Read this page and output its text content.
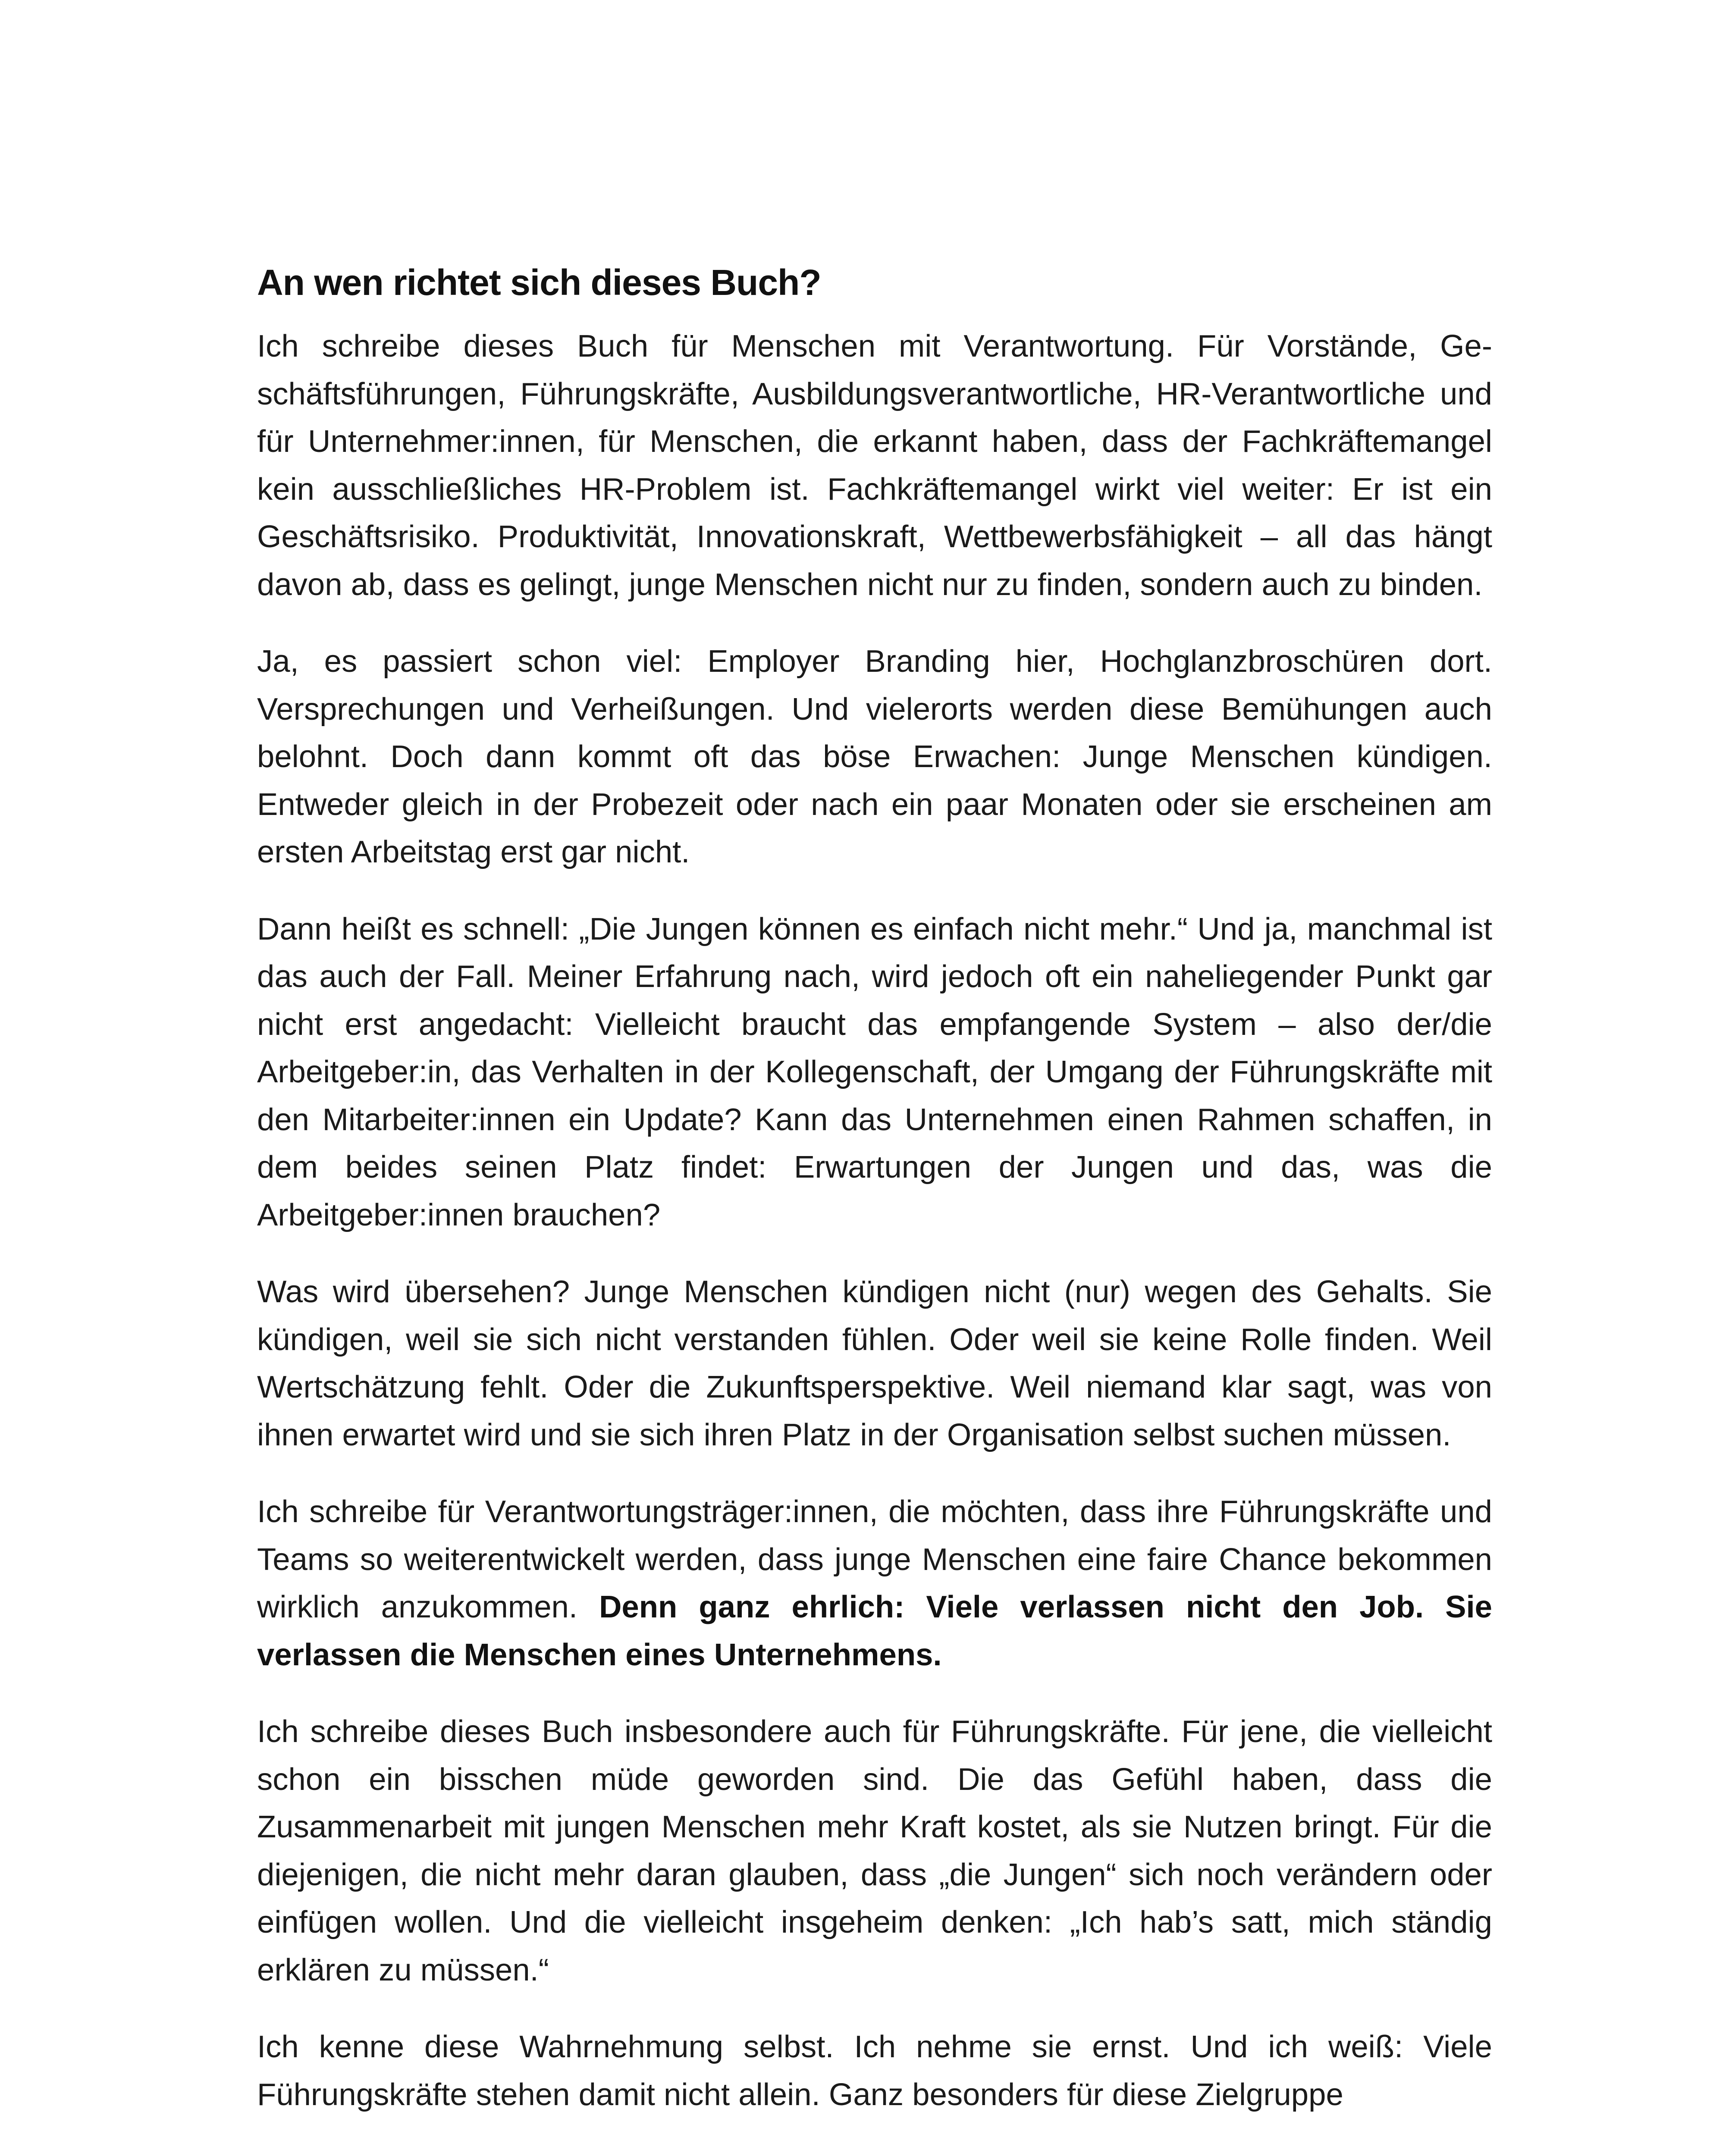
An wen richtet sich dieses Buch?

Ich schreibe dieses Buch für Menschen mit Verantwortung. Für Vorstände, Geschäftsführungen, Führungskräfte, Ausbildungsverantwortliche, HR-Verantwortliche und für Unternehmer:innen, für Menschen, die erkannt haben, dass der Fachkräftemangel kein ausschließliches HR-Problem ist. Fachkräftemangel wirkt viel weiter: Er ist ein Geschäftsrisiko. Produktivität, Innovationskraft, Wettbewerbsfähigkeit – all das hängt davon ab, dass es gelingt, junge Menschen nicht nur zu finden, sondern auch zu binden.

Ja, es passiert schon viel: Employer Branding hier, Hochglanzbroschüren dort. Versprechungen und Verheißungen. Und vielerorts werden diese Bemühungen auch belohnt. Doch dann kommt oft das böse Erwachen: Junge Menschen kündigen. Entweder gleich in der Probezeit oder nach ein paar Monaten oder sie erscheinen am ersten Arbeitstag erst gar nicht.

Dann heißt es schnell: „Die Jungen können es einfach nicht mehr.“ Und ja, manchmal ist das auch der Fall. Meiner Erfahrung nach, wird jedoch oft ein naheliegender Punkt gar nicht erst angedacht: Vielleicht braucht das empfangende System – also der/die Arbeitgeber:in, das Verhalten in der Kollegenschaft, der Umgang der Führungskräfte mit den Mitarbeiter:innen ein Update? Kann das Unternehmen einen Rahmen schaffen, in dem beides seinen Platz findet: Erwartungen der Jungen und das, was die Arbeitgeber:innen brauchen?

Was wird übersehen? Junge Menschen kündigen nicht (nur) wegen des Gehalts. Sie kündigen, weil sie sich nicht verstanden fühlen. Oder weil sie keine Rolle finden. Weil Wertschätzung fehlt. Oder die Zukunftsperspektive. Weil niemand klar sagt, was von ihnen erwartet wird und sie sich ihren Platz in der Organisation selbst suchen müssen.

Ich schreibe für Verantwortungsträger:innen, die möchten, dass ihre Führungskräfte und Teams so weiterentwickelt werden, dass junge Menschen eine faire Chance bekommen wirklich anzukommen. Denn ganz ehrlich: Viele verlassen nicht den Job. Sie verlassen die Menschen eines Unternehmens.

Ich schreibe dieses Buch insbesondere auch für Führungskräfte. Für jene, die vielleicht schon ein bisschen müde geworden sind. Die das Gefühl haben, dass die Zusammenarbeit mit jungen Menschen mehr Kraft kostet, als sie Nutzen bringt. Für die diejenigen, die nicht mehr daran glauben, dass „die Jungen“ sich noch verändern oder einfügen wollen. Und die vielleicht insgeheim denken: „Ich hab’s satt, mich ständig erklären zu müssen.“

Ich kenne diese Wahrnehmung selbst. Ich nehme sie ernst. Und ich weiß: Viele Führungskräfte stehen damit nicht allein. Ganz besonders für diese Zielgruppe
